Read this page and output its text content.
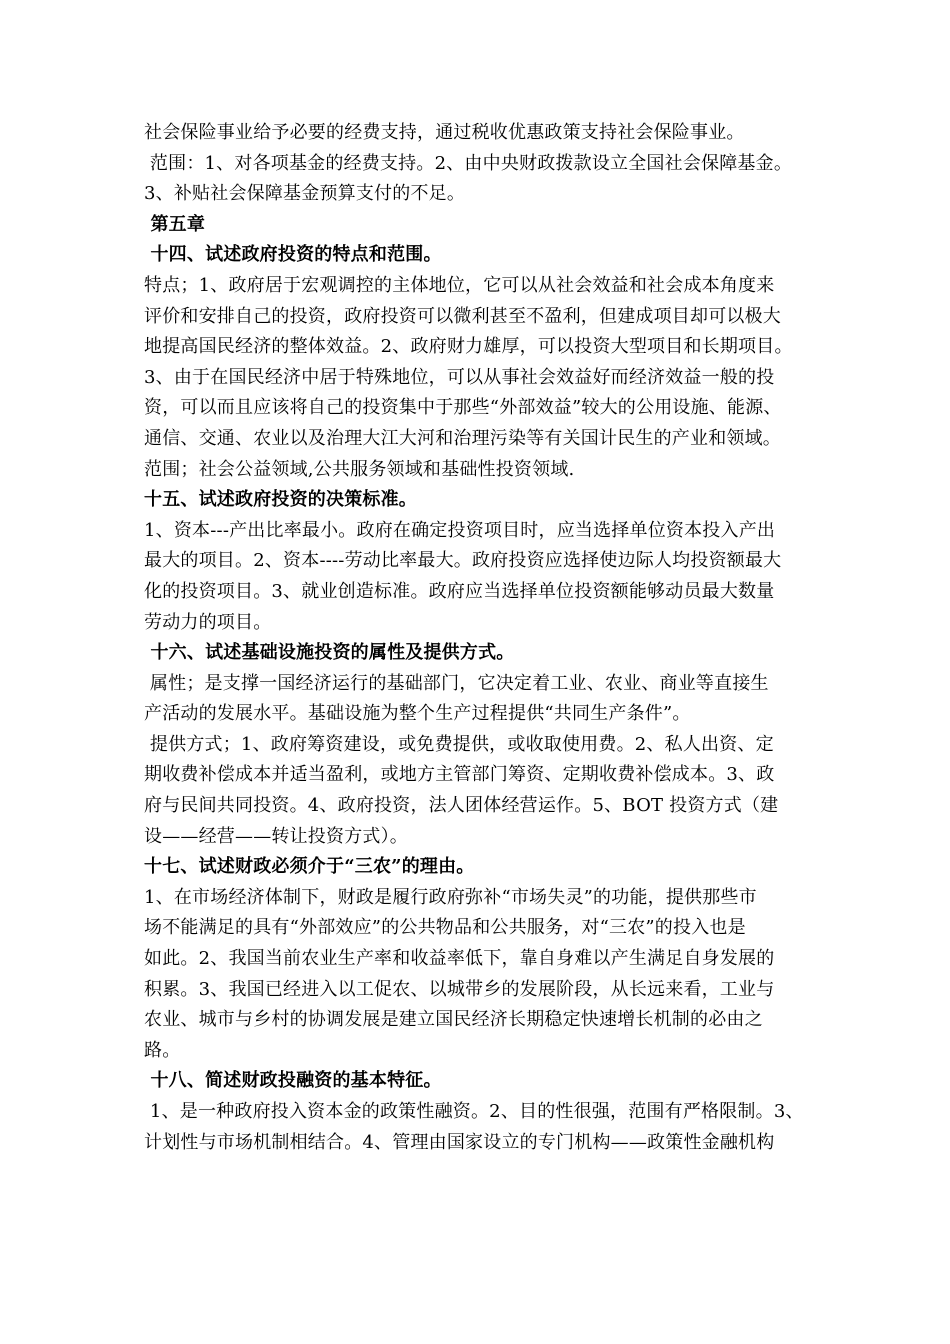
社会保险事业给予必要的经费支持，通过税收优惠政策支持社会保险事业。
范围：1、对各项基金的经费支持。2、由中央财政拨款设立全国社会保障基金。
3、补贴社会保障基金预算支付的不足。
第五章
十四、试述政府投资的特点和范围。
特点；1、政府居于宏观调控的主体地位，它可以从社会效益和社会成本角度来
评价和安排自己的投资，政府投资可以微利甚至不盈利，但建成项目却可以极大
地提高国民经济的整体效益。2、政府财力雄厚，可以投资大型项目和长期项目。
3、由于在国民经济中居于特殊地位，可以从事社会效益好而经济效益一般的投
资，可以而且应该将自己的投资集中于那些“外部效益”较大的公用设施、能源、
通信、交通、农业以及治理大江大河和治理污染等有关国计民生的产业和领域。
范围；社会公益领域,公共服务领域和基础性投资领域.
十五、试述政府投资的决策标准。
1、资本---产出比率最小。政府在确定投资项目时，应当选择单位资本投入产出
最大的项目。2、资本----劳动比率最大。政府投资应选择使边际人均投资额最大
化的投资项目。3、就业创造标准。政府应当选择单位投资额能够动员最大数量
劳动力的项目。
十六、试述基础设施投资的属性及提供方式。
属性；是支撑一国经济运行的基础部门，它决定着工业、农业、商业等直接生
产活动的发展水平。基础设施为整个生产过程提供“共同生产条件”。
提供方式；1、政府筹资建设，或免费提供，或收取使用费。2、私人出资、定
期收费补偿成本并适当盈利，或地方主管部门筹资、定期收费补偿成本。3、政
府与民间共同投资。4、政府投资，法人团体经营运作。5、BOT 投资方式（建
设——经营——转让投资方式）。
十七、试述财政必须介于“三农”的理由。
1、在市场经济体制下，财政是履行政府弥补“市场失灵”的功能，提供那些市
场不能满足的具有“外部效应”的公共物品和公共服务，对“三农”的投入也是
如此。2、我国当前农业生产率和收益率低下，靠自身难以产生满足自身发展的
积累。3、我国已经进入以工促农、以城带乡的发展阶段，从长远来看，工业与
农业、城市与乡村的协调发展是建立国民经济长期稳定快速增长机制的必由之
路。
十八、简述财政投融资的基本特征。
1、是一种政府投入资本金的政策性融资。2、目的性很强，范围有严格限制。3、
计划性与市场机制相结合。4、管理由国家设立的专门机构——政策性金融机构
